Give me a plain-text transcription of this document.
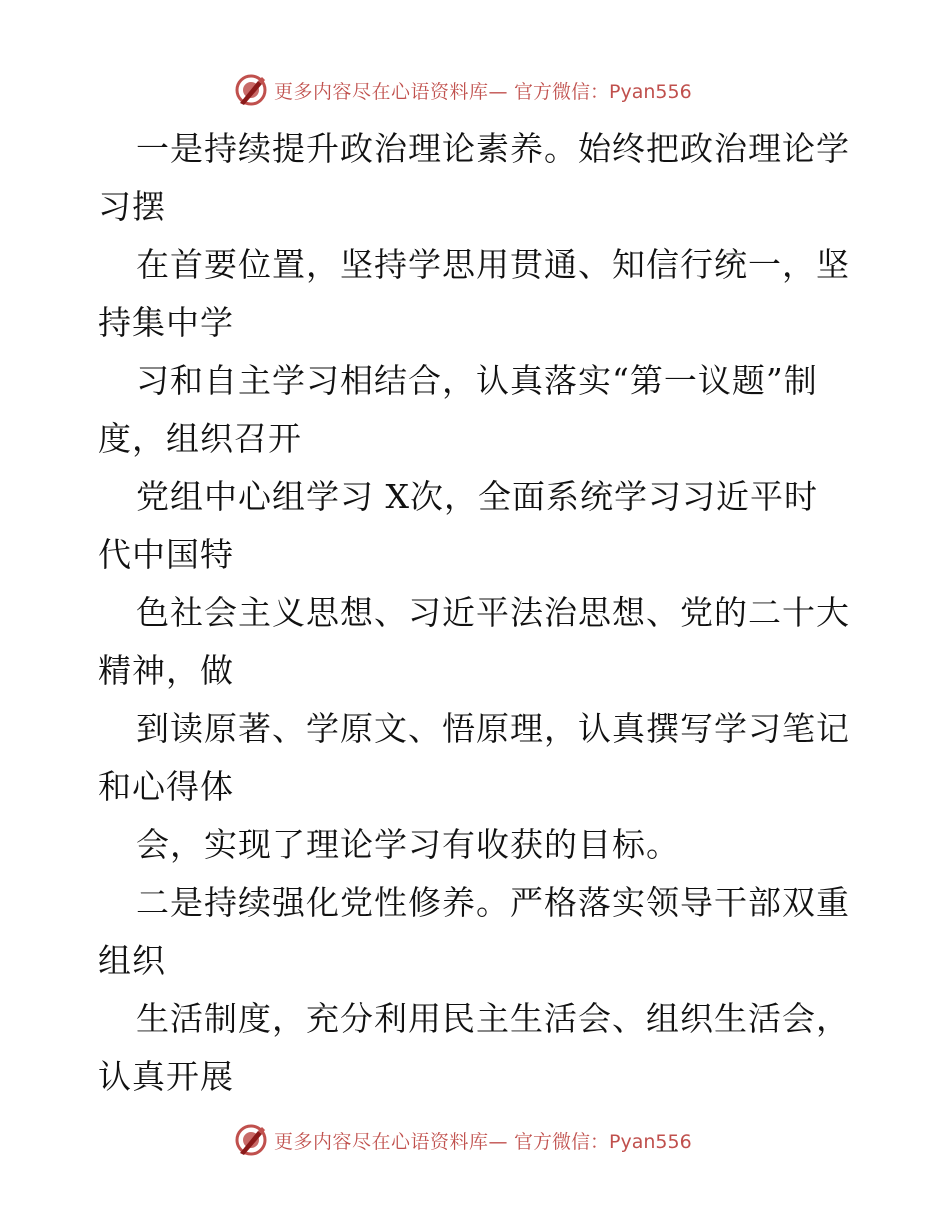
更多内容尽在心语资料库— 官方微信：Pyan556
一是持续提升政治理论素养。始终把政治理论学
习摆
在首要位置，坚持学思用贯通、知信行统一，坚
持集中学
习和自主学习相结合，认真落实“第一议题”制
度，组织召开
党组中心组学习 X次，全面系统学习习近平时
代中国特
色社会主义思想、习近平法治思想、党的二十大
精神，做
到读原著、学原文、悟原理，认真撰写学习笔记
和心得体
会，实现了理论学习有收获的目标。
二是持续强化党性修养。严格落实领导干部双重
组织
生活制度，充分利用民主生活会、组织生活会，
认真开展
更多内容尽在心语资料库— 官方微信：Pyan556
